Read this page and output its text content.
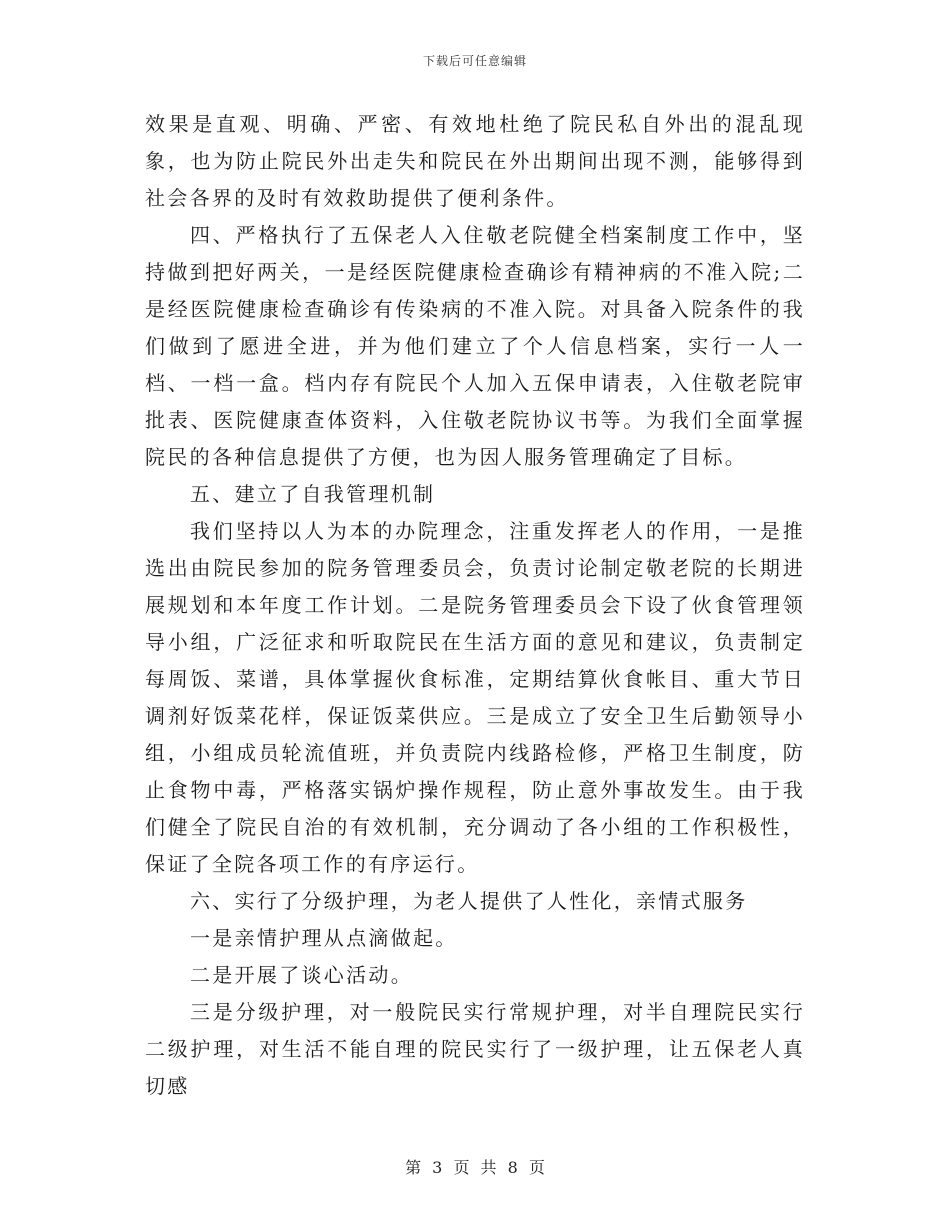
下载后可任意编辑

效果是直观、明确、严密、有效地杜绝了院民私自外出的混乱现象，也为防止院民外出走失和院民在外出期间出现不测，能够得到社会各界的及时有效救助提供了便利条件。

四、严格执行了五保老人入住敬老院健全档案制度工作中，坚持做到把好两关，一是经医院健康检查确诊有精神病的不准入院;二是经医院健康检查确诊有传染病的不准入院。对具备入院条件的我们做到了愿进全进，并为他们建立了个人信息档案，实行一人一档、一档一盒。档内存有院民个人加入五保申请表，入住敬老院审批表、医院健康查体资料，入住敬老院协议书等。为我们全面掌握院民的各种信息提供了方便，也为因人服务管理确定了目标。

五、建立了自我管理机制

我们坚持以人为本的办院理念，注重发挥老人的作用，一是推选出由院民参加的院务管理委员会，负责讨论制定敬老院的长期进展规划和本年度工作计划。二是院务管理委员会下设了伙食管理领导小组，广泛征求和听取院民在生活方面的意见和建议，负责制定每周饭、菜谱，具体掌握伙食标准，定期结算伙食帐目、重大节日调剂好饭菜花样，保证饭菜供应。三是成立了安全卫生后勤领导小组，小组成员轮流值班，并负责院内线路检修，严格卫生制度，防止食物中毒，严格落实锅炉操作规程，防止意外事故发生。由于我们健全了院民自治的有效机制，充分调动了各小组的工作积极性，保证了全院各项工作的有序运行。

六、实行了分级护理，为老人提供了人性化，亲情式服务

一是亲情护理从点滴做起。

二是开展了谈心活动。

三是分级护理，对一般院民实行常规护理，对半自理院民实行二级护理，对生活不能自理的院民实行了一级护理，让五保老人真切感

第 3 页 共 8 页
